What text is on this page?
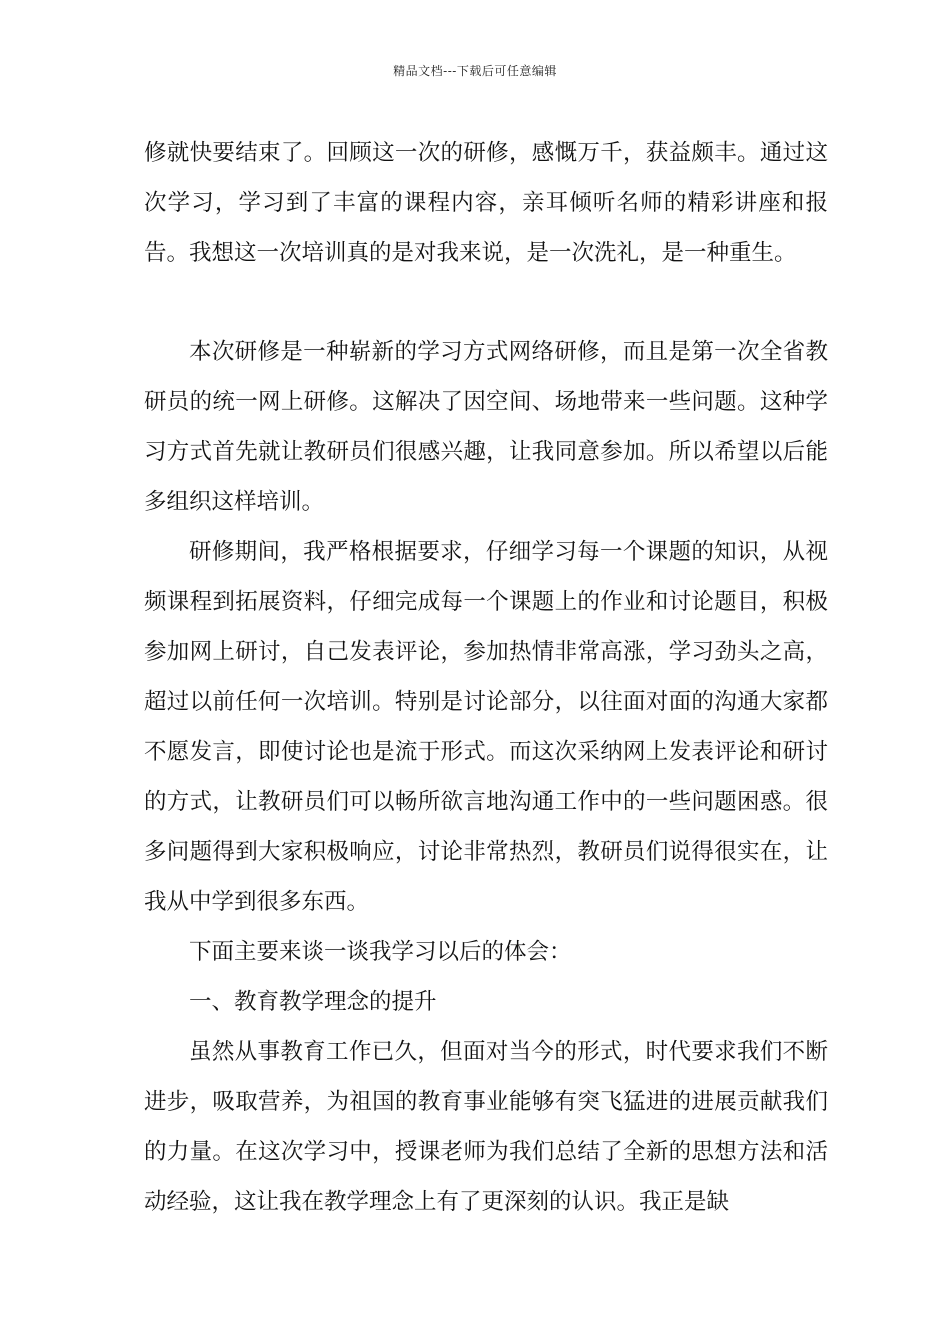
精品文档---下载后可任意编辑

修就快要结束了。回顾这一次的研修，感慨万千，获益颇丰。通过这次学习，学习到了丰富的课程内容，亲耳倾听名师的精彩讲座和报告。我想这一次培训真的是对我来说，是一次洗礼，是一种重生。

本次研修是一种崭新的学习方式网络研修，而且是第一次全省教研员的统一网上研修。这解决了因空间、场地带来一些问题。这种学习方式首先就让教研员们很感兴趣，让我同意参加。所以希望以后能多组织这样培训。

研修期间，我严格根据要求，仔细学习每一个课题的知识，从视频课程到拓展资料，仔细完成每一个课题上的作业和讨论题目，积极参加网上研讨，自己发表评论，参加热情非常高涨，学习劲头之高，超过以前任何一次培训。特别是讨论部分，以往面对面的沟通大家都不愿发言，即使讨论也是流于形式。而这次采纳网上发表评论和研讨的方式，让教研员们可以畅所欲言地沟通工作中的一些问题困惑。很多问题得到大家积极响应，讨论非常热烈，教研员们说得很实在，让我从中学到很多东西。

下面主要来谈一谈我学习以后的体会：

一、教育教学理念的提升

虽然从事教育工作已久，但面对当今的形式，时代要求我们不断进步，吸取营养，为祖国的教育事业能够有突飞猛进的进展贡献我们的力量。在这次学习中，授课老师为我们总结了全新的思想方法和活动经验，这让我在教学理念上有了更深刻的认识。我正是缺
